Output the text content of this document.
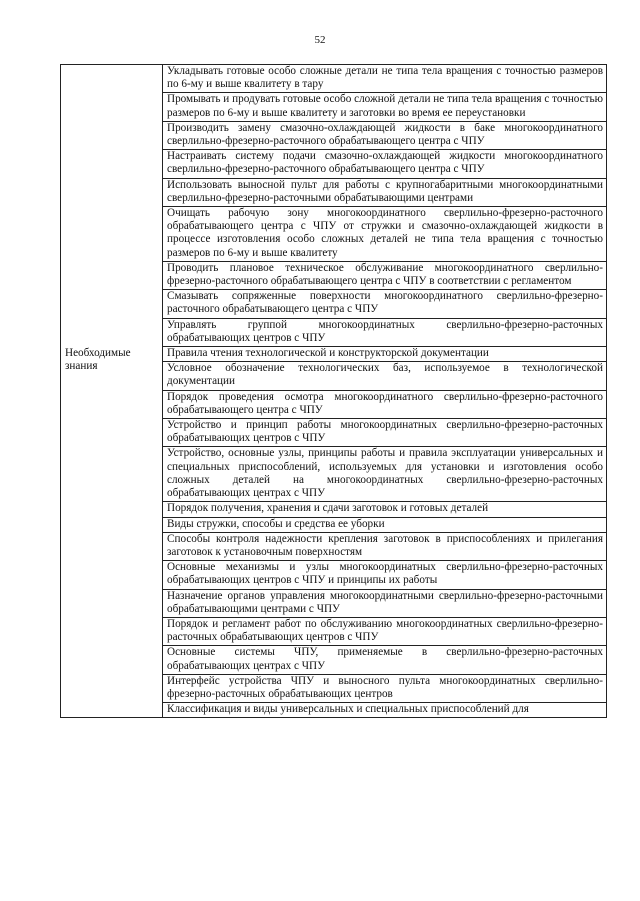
52
	Укладывать готовые особо сложные детали не типа тела вращения с точностью размеров по 6-му и выше квалитету в тару
	Промывать и продувать готовые особо сложной детали не типа тела вращения с точностью размеров по 6-му и выше квалитету и заготовки во время ее переустановки
	Производить замену смазочно-охлаждающей жидкости в баке многокоординатного сверлильно-фрезерно-расточного обрабатывающего центра с ЧПУ
	Настраивать систему подачи смазочно-охлаждающей жидкости многокоординатного сверлильно-фрезерно-расточного обрабатывающего центра с ЧПУ
	Использовать выносной пульт для работы с крупногабаритными многокоординатными сверлильно-фрезерно-расточными обрабатывающими центрами
	Очищать рабочую зону многокоординатного сверлильно-фрезерно-расточного обрабатывающего центра с ЧПУ от стружки и смазочно-охлаждающей жидкости в процессе изготовления особо сложных деталей не типа тела вращения с точностью размеров по 6-му и выше квалитету
	Проводить плановое техническое обслуживание многокоординатного сверлильно-фрезерно-расточного обрабатывающего центра с ЧПУ в соответствии с регламентом
	Смазывать сопряженные поверхности многокоординатного сверлильно-фрезерно-расточного обрабатывающего центра с ЧПУ
	Управлять группой многокоординатных сверлильно-фрезерно-расточных обрабатывающих центров с ЧПУ
Необходимые знания	Правила чтения технологической и конструкторской документации
	Условное обозначение технологических баз, используемое в технологической документации
	Порядок проведения осмотра многокоординатного сверлильно-фрезерно-расточного обрабатывающего центра с ЧПУ
	Устройство и принцип работы многокоординатных сверлильно-фрезерно-расточных обрабатывающих центров с ЧПУ
	Устройство, основные узлы, принципы работы и правила эксплуатации универсальных и специальных приспособлений, используемых для установки и изготовления особо сложных деталей на многокоординатных сверлильно-фрезерно-расточных обрабатывающих центрах с ЧПУ
	Порядок получения, хранения и сдачи заготовок и готовых деталей
	Виды стружки, способы и средства ее уборки
	Способы контроля надежности крепления заготовок в приспособлениях и прилегания заготовок к установочным поверхностям
	Основные механизмы и узлы многокоординатных сверлильно-фрезерно-расточных обрабатывающих центров с ЧПУ и принципы их работы
	Назначение органов управления многокоординатными сверлильно-фрезерно-расточными обрабатывающими центрами с ЧПУ
	Порядок и регламент работ по обслуживанию многокоординатных сверлильно-фрезерно-расточных обрабатывающих центров с ЧПУ
	Основные системы ЧПУ, применяемые в сверлильно-фрезерно-расточных обрабатывающих центрах с ЧПУ
	Интерфейс устройства ЧПУ и выносного пульта многокоординатных сверлильно-фрезерно-расточных обрабатывающих центров
	Классификация и виды универсальных и специальных приспособлений для
